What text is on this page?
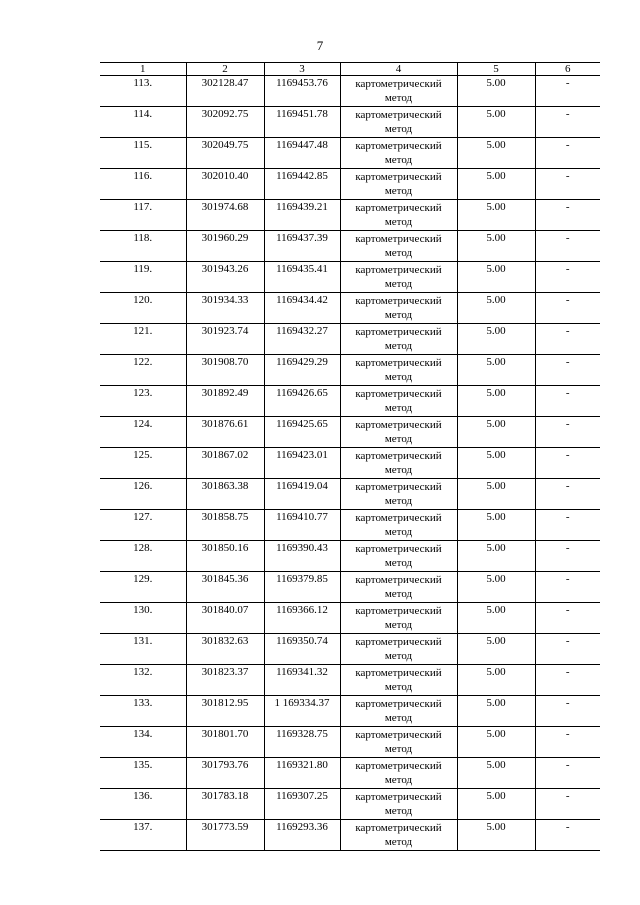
7
1	2	3	4	5	6
113.	302128.47	1169453.76	картометрический метод	5.00	-
114.	302092.75	1169451.78	картометрический метод	5.00	-
115.	302049.75	1169447.48	картометрический метод	5.00	-
116.	302010.40	1169442.85	картометрический метод	5.00	-
117.	301974.68	1169439.21	картометрический метод	5.00	-
118.	301960.29	1169437.39	картометрический метод	5.00	-
119.	301943.26	1169435.41	картометрический метод	5.00	-
120.	301934.33	1169434.42	картометрический метод	5.00	-
121.	301923.74	1169432.27	картометрический метод	5.00	-
122.	301908.70	1169429.29	картометрический метод	5.00	-
123.	301892.49	1169426.65	картометрический метод	5.00	-
124.	301876.61	1169425.65	картометрический метод	5.00	-
125.	301867.02	1169423.01	картометрический метод	5.00	-
126.	301863.38	1169419.04	картометрический метод	5.00	-
127.	301858.75	1169410.77	картометрический метод	5.00	-
128.	301850.16	1169390.43	картометрический метод	5.00	-
129.	301845.36	1169379.85	картометрический метод	5.00	-
130.	301840.07	1169366.12	картометрический метод	5.00	-
131.	301832.63	1169350.74	картометрический метод	5.00	-
132.	301823.37	1169341.32	картометрический метод	5.00	-
133.	301812.95	1 169334.37	картометрический метод	5.00	-
134.	301801.70	1169328.75	картометрический метод	5.00	-
135.	301793.76	1169321.80	картометрический метод	5.00	-
136.	301783.18	1169307.25	картометрический метод	5.00	-
137.	301773.59	1169293.36	картометрический метод	5.00	-
